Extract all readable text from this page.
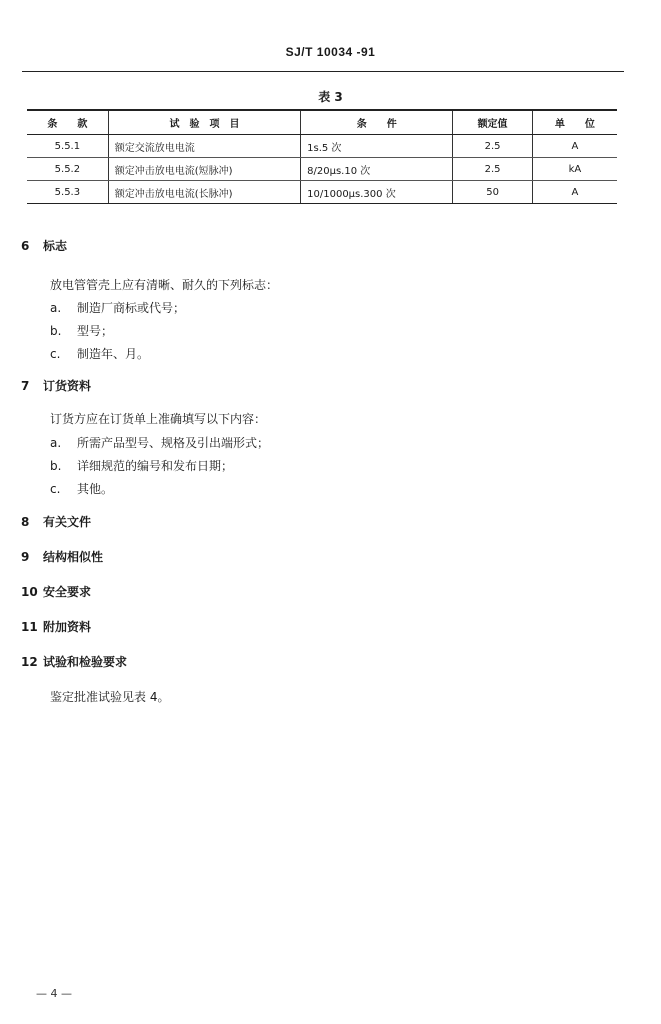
SJ/T 10034 -91
表 3
条　　款	试　验　项　目	条　　件	额定值	单　　位
5.5.1	额定交流放电电流	1s.5 次	2.5	A
5.5.2	额定冲击放电电流(短脉冲)	8/20μs.10 次	2.5	kA
5.5.3	额定冲击放电电流(长脉冲)	10/1000μs.300 次	50	A
6 标志
放电管管壳上应有清晰、耐久的下列标志：
a. 制造厂商标或代号；
b. 型号；
c. 制造年、月。
7 订货资料
订货方应在订货单上准确填写以下内容：
a. 所需产品型号、规格及引出端形式；
b. 详细规范的编号和发布日期；
c. 其他。
8 有关文件
9 结构相似性
10 安全要求
11 附加资料
12 试验和检验要求
鉴定批准试验见表 4。
— 4 —
